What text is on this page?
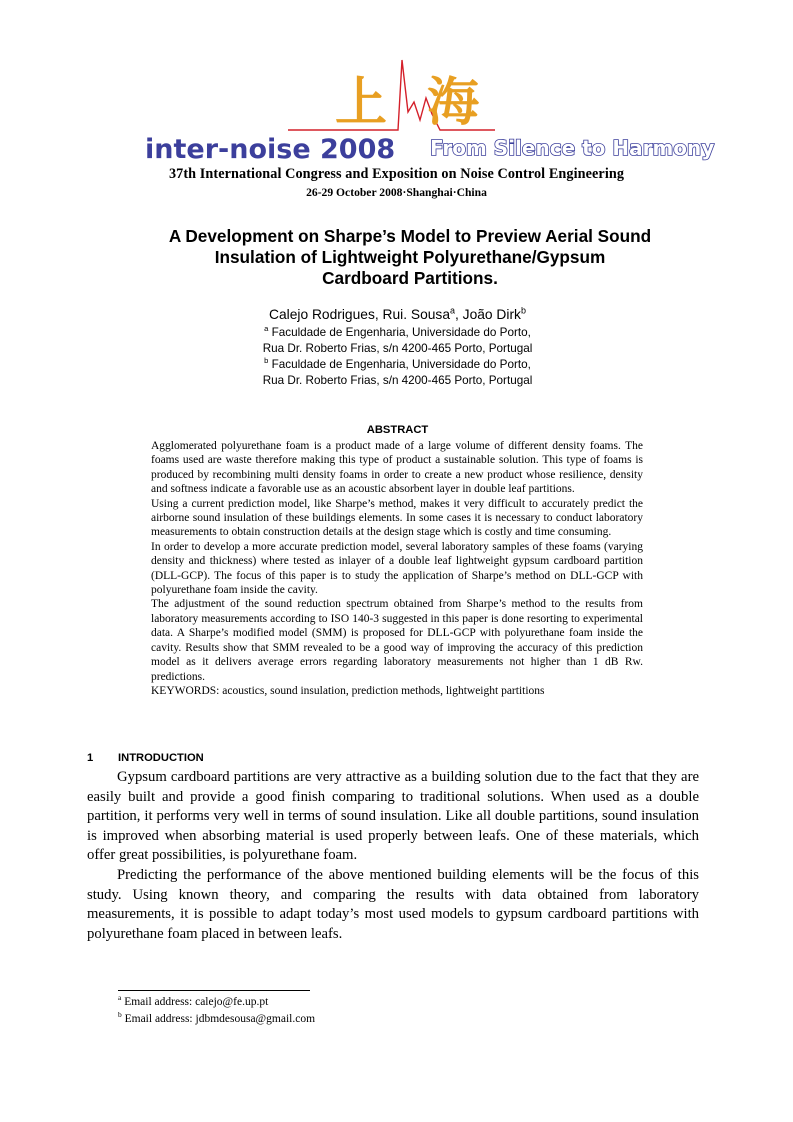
上海
inter-noise 2008 From Silence to Harmony
37th International Congress and Exposition on Noise Control Engineering
26-29 October 2008·Shanghai·China
A Development on Sharpe’s Model to Preview Aerial Sound
Insulation of Lightweight Polyurethane/Gypsum
Cardboard Partitions.
Calejo Rodrigues, Rui. Sousa$^a$, João Dirk$^b$
$^a$ Faculdade de Engenharia, Universidade do Porto,
Rua Dr. Roberto Frias, s/n 4200-465 Porto, Portugal
$^b$ Faculdade de Engenharia, Universidade do Porto,
Rua Dr. Roberto Frias, s/n 4200-465 Porto, Portugal
ABSTRACT

Agglomerated polyurethane foam is a product made of a large volume of different density foams. The foams used are waste therefore making this type of product a sustainable solution. This type of foams is produced by recombining multi density foams in order to create a new product whose resilience, density and softness indicate a favorable use as an acoustic absorbent layer in double leaf partitions.

Using a current prediction model, like Sharpe’s method, makes it very difficult to accurately predict the airborne sound insulation of these buildings elements. In some cases it is necessary to conduct laboratory measurements to obtain construction details at the design stage which is costly and time consuming.

In order to develop a more accurate prediction model, several laboratory samples of these foams (varying density and thickness) where tested as inlayer of a double leaf lightweight gypsum cardboard partition (DLL-GCP). The focus of this paper is to study the application of Sharpe’s method on DLL-GCP with polyurethane foam inside the cavity.

The adjustment of the sound reduction spectrum obtained from Sharpe’s method to the results from laboratory measurements according to ISO 140-3 suggested in this paper is done resorting to experimental data. A Sharpe’s modified model (SMM) is proposed for DLL-GCP with polyurethane foam inside the cavity. Results show that SMM revealed to be a good way of improving the accuracy of this prediction model as it delivers average errors regarding laboratory measurements not higher than 1 dB Rw. predictions.

KEYWORDS: acoustics, sound insulation, prediction methods, lightweight partitions

1 INTRODUCTION

Gypsum cardboard partitions are very attractive as a building solution due to the fact that they are easily built and provide a good finish comparing to traditional solutions. When used as a double partition, it performs very well in terms of sound insulation. Like all double partitions, sound insulation is improved when absorbing material is used properly between leafs. One of these materials, which offer great possibilities, is polyurethane foam.

Predicting the performance of the above mentioned building elements will be the focus of this study. Using known theory, and comparing the results with data obtained from laboratory measurements, it is possible to adapt today’s most used models to gypsum cardboard partitions with polyurethane foam placed in between leafs.

$^a$ Email address: calejo@fe.up.pt
$^b$ Email address: jdbmdesousa@gmail.com
